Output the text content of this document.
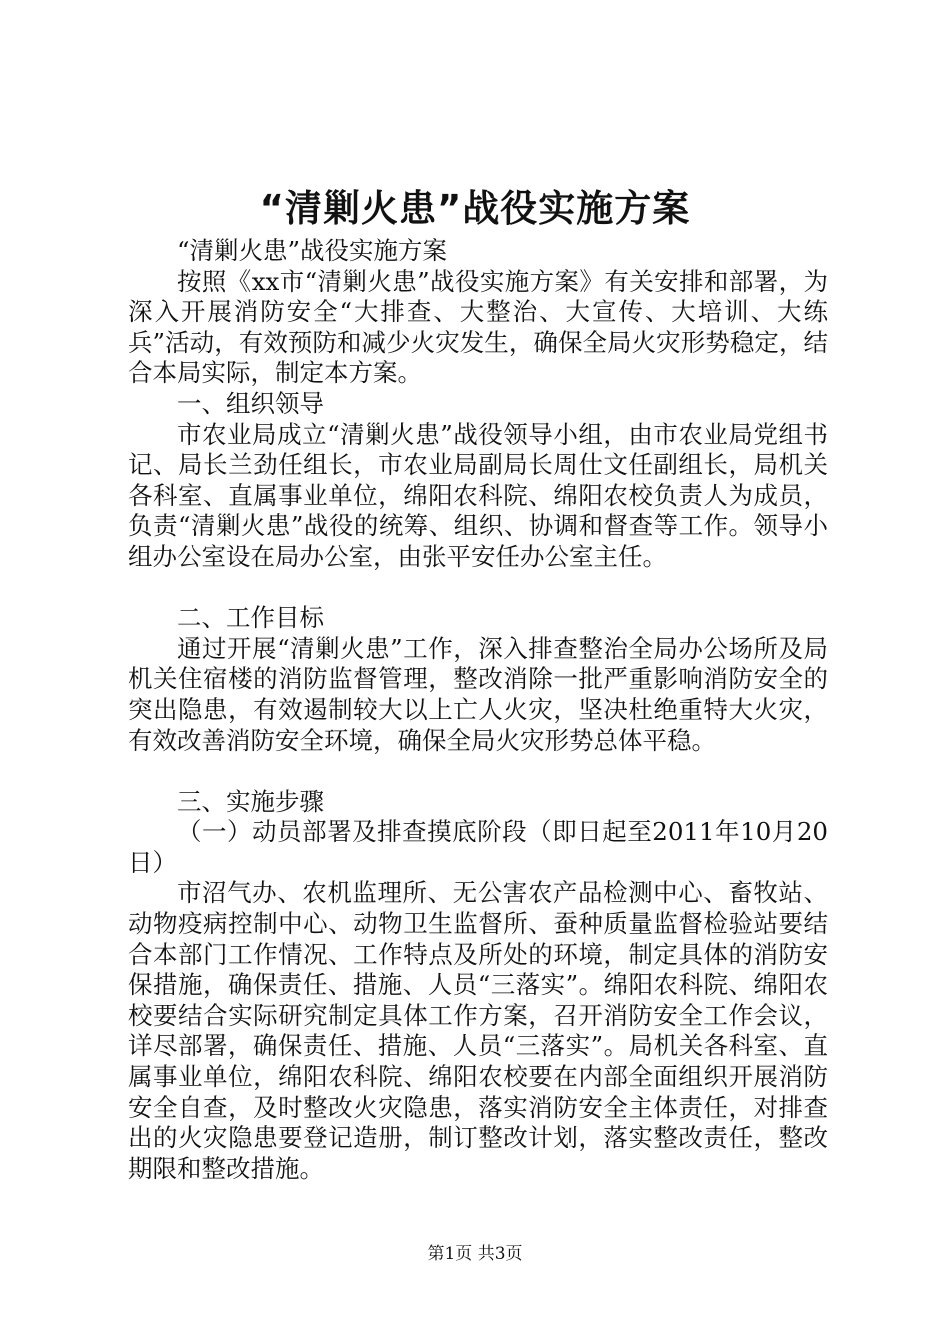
“清剿火患”战役实施方案

“清剿火患”战役实施方案

按照《xx市“清剿火患”战役实施方案》有关安排和部署，为深入开展消防安全“大排查、大整治、大宣传、大培训、大练兵”活动，有效预防和减少火灾发生，确保全局火灾形势稳定，结合本局实际，制定本方案。

一、组织领导

市农业局成立“清剿火患”战役领导小组，由市农业局党组书记、局长兰劲任组长，市农业局副局长周仕文任副组长，局机关各科室、直属事业单位，绵阳农科院、绵阳农校负责人为成员，负责“清剿火患”战役的统筹、组织、协调和督查等工作。领导小组办公室设在局办公室，由张平安任办公室主任。

二、工作目标

通过开展“清剿火患”工作，深入排查整治全局办公场所及局机关住宿楼的消防监督管理，整改消除一批严重影响消防安全的突出隐患，有效遏制较大以上亡人火灾，坚决杜绝重特大火灾，有效改善消防安全环境，确保全局火灾形势总体平稳。

三、实施步骤

（一）动员部署及排查摸底阶段（即日起至2011年10月20日）

市沼气办、农机监理所、无公害农产品检测中心、畜牧站、动物疫病控制中心、动物卫生监督所、蚕种质量监督检验站要结合本部门工作情况、工作特点及所处的环境，制定具体的消防安保措施，确保责任、措施、人员“三落实”。绵阳农科院、绵阳农校要结合实际研究制定具体工作方案，召开消防安全工作会议，详尽部署，确保责任、措施、人员“三落实”。局机关各科室、直属事业单位，绵阳农科院、绵阳农校要在内部全面组织开展消防安全自查，及时整改火灾隐患，落实消防安全主体责任，对排查出的火灾隐患要登记造册，制订整改计划，落实整改责任，整改期限和整改措施。

第1页 共3页
